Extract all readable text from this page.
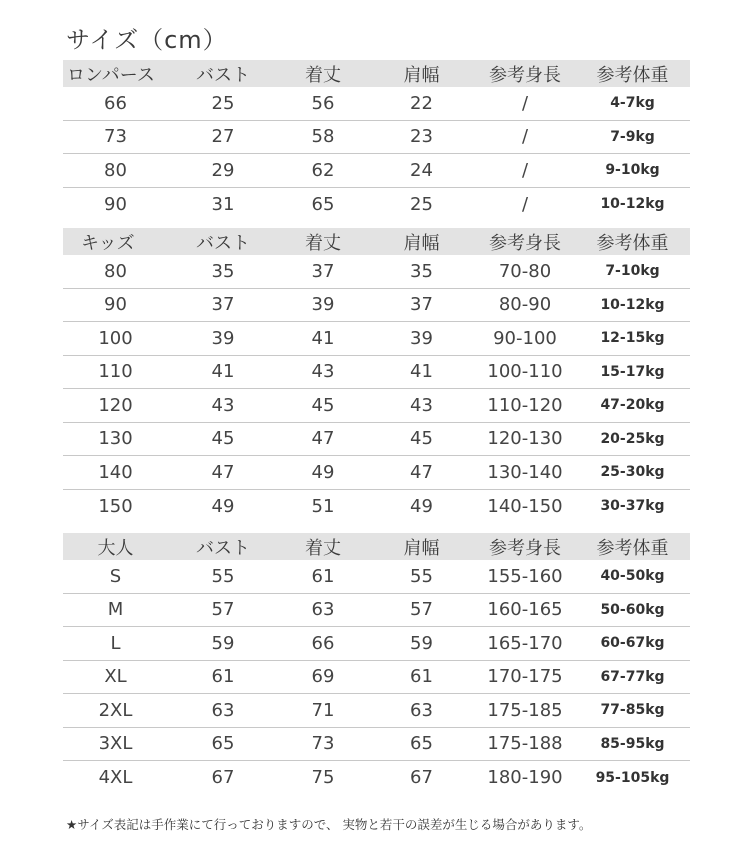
サイズ（cm）
ロンパース	バスト	着丈	肩幅	参考身長	参考体重
66	25	56	22	/	4-7kg
73	27	58	23	/	7-9kg
80	29	62	24	/	9-10kg
90	31	65	25	/	10-12kg
キッズ	バスト	着丈	肩幅	参考身長	参考体重
80	35	37	35	70-80	7-10kg
90	37	39	37	80-90	10-12kg
100	39	41	39	90-100	12-15kg
110	41	43	41	100-110	15-17kg
120	43	45	43	110-120	47-20kg
130	45	47	45	120-130	20-25kg
140	47	49	47	130-140	25-30kg
150	49	51	49	140-150	30-37kg
大人	バスト	着丈	肩幅	参考身長	参考体重
S	55	61	55	155-160	40-50kg
M	57	63	57	160-165	50-60kg
L	59	66	59	165-170	60-67kg
XL	61	69	61	170-175	67-77kg
2XL	63	71	63	175-185	77-85kg
3XL	65	73	65	175-188	85-95kg
4XL	67	75	67	180-190	95-105kg
★サイズ表記は手作業にて行っておりますので、 実物と若干の誤差が生じる場合があります。
